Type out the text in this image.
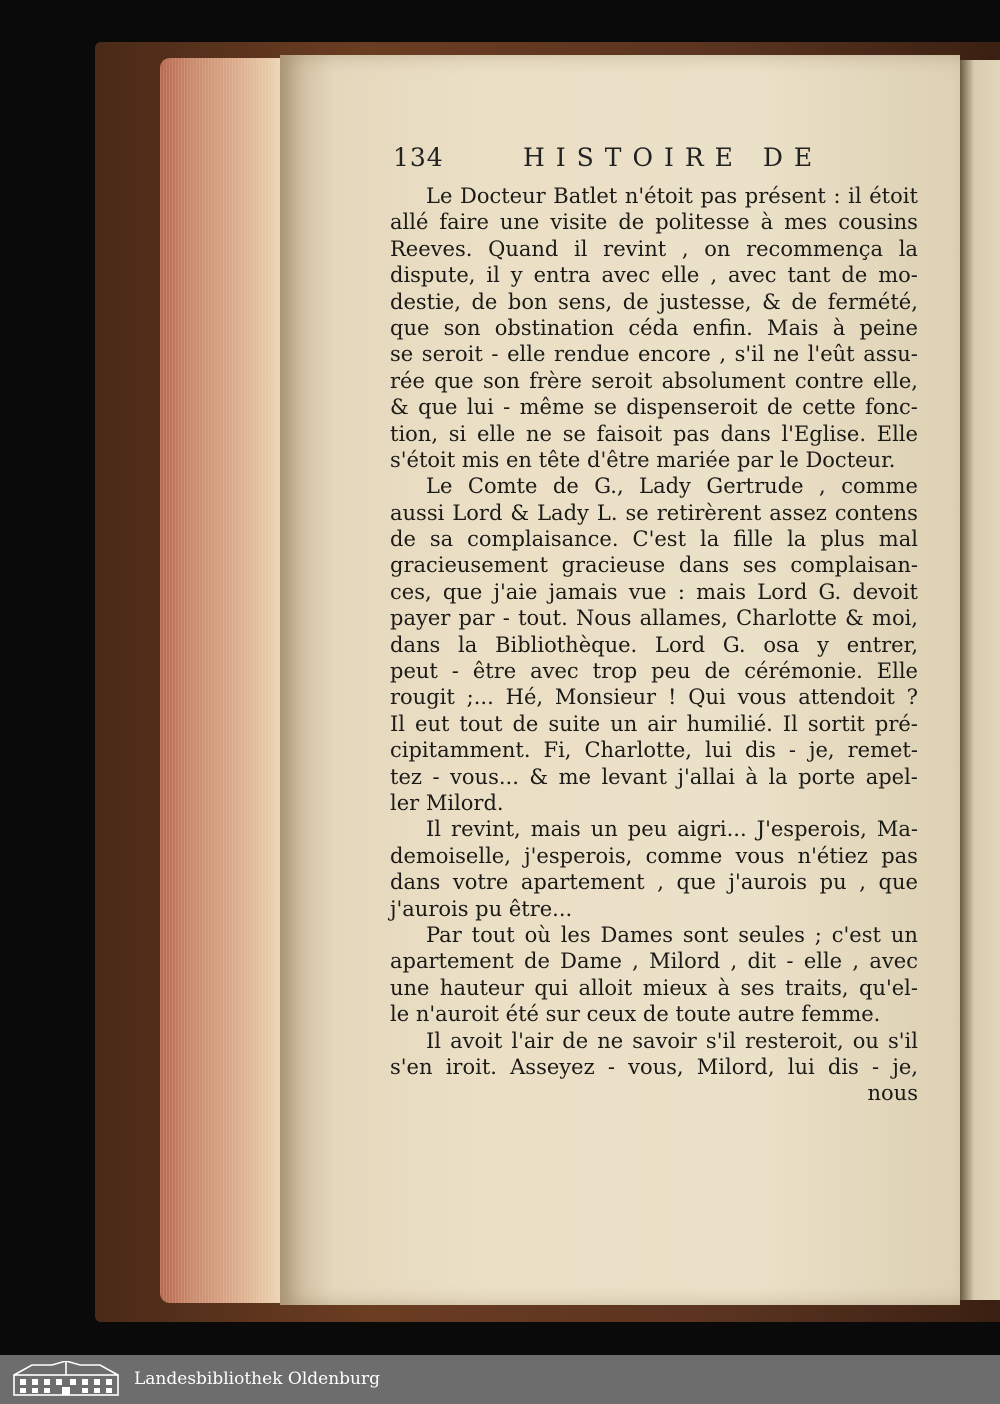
134	HISTOIRE DE
Le Docteur Batlet n'étoit pas présent : il étoit
allé faire une visite de politesse à mes cousins
Reeves. Quand il revint , on recommença la
dispute, il y entra avec elle , avec tant de mo-
destie, de bon sens, de justesse, & de fermété,
que son obstination céda enfin. Mais à peine
se seroit - elle rendue encore , s'il ne l'eût assu-
rée que son frère seroit absolument contre elle,
& que lui - même se dispenseroit de cette fonc-
tion, si elle ne se faisoit pas dans l'Eglise. Elle
s'étoit mis en tête d'être mariée par le Docteur.
Le Comte de G., Lady Gertrude , comme
aussi Lord & Lady L. se retirèrent assez contens
de sa complaisance. C'est la fille la plus mal
gracieusement gracieuse dans ses complaisan-
ces, que j'aie jamais vue : mais Lord G. devoit
payer par - tout. Nous allames, Charlotte & moi,
dans la Bibliothèque. Lord G. osa y entrer,
peut - être avec trop peu de cérémonie. Elle
rougit ;... Hé, Monsieur ! Qui vous attendoit ?
Il eut tout de suite un air humilié. Il sortit pré-
cipitamment. Fi, Charlotte, lui dis - je, remet-
tez - vous... & me levant j'allai à la porte apel-
ler Milord.
Il revint, mais un peu aigri... J'esperois, Ma-
demoiselle, j'esperois, comme vous n'étiez pas
dans votre apartement , que j'aurois pu , que
j'aurois pu être...
Par tout où les Dames sont seules ; c'est un
apartement de Dame , Milord , dit - elle , avec
une hauteur qui alloit mieux à ses traits, qu'el-
le n'auroit été sur ceux de toute autre femme.
Il avoit l'air de ne savoir s'il resteroit, ou s'il
s'en iroit. Asseyez - vous, Milord, lui dis - je,
nous
Landesbibliothek Oldenburg
